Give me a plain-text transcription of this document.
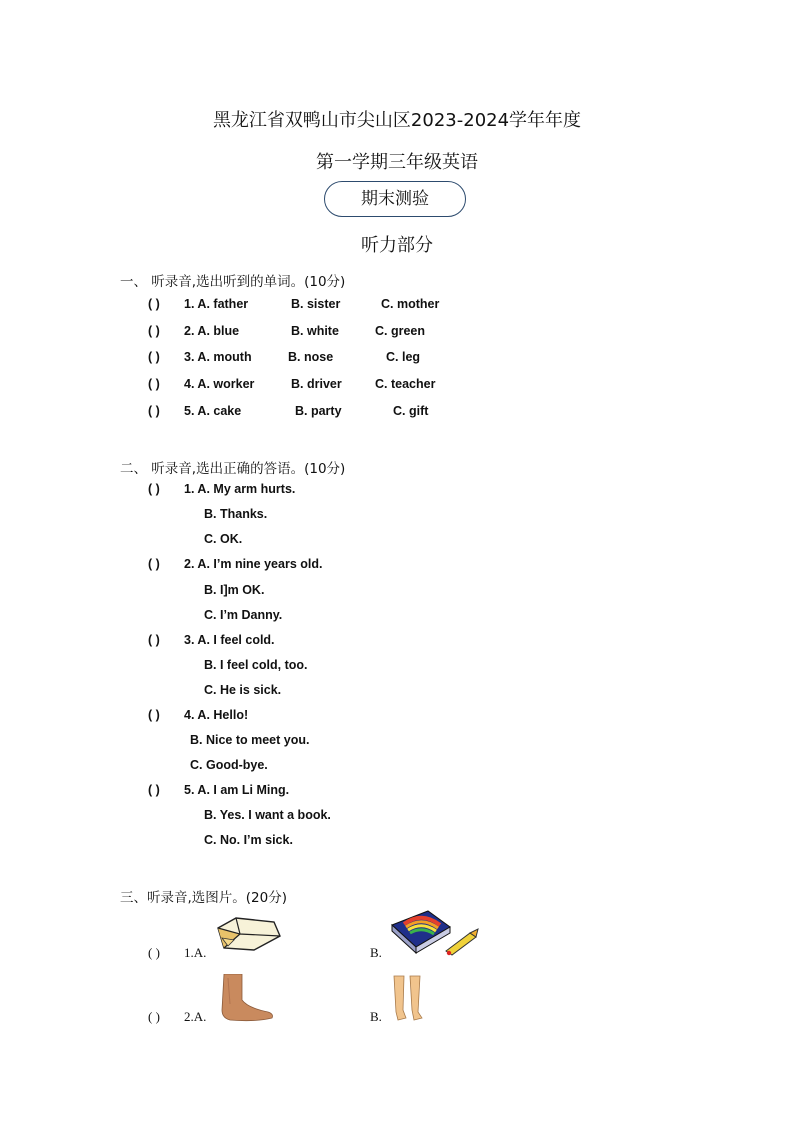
黑龙江省双鸭山市尖山区2023-2024学年年度
第一学期三年级英语
期末测验
听力部分
一、 听录音,选出听到的单词。(10分)
( ) 1. A. father	B. sister	C. mother
( ) 2. A. blue	B. white	C. green
( ) 3. A. mouth	B. nose	C. leg
( ) 4. A. worker	B. driver	C. teacher
( ) 5. A. cake	B. party	C. gift
二、 听录音,选出正确的答语。(10分)
( ) 1. A. My arm hurts.
B. Thanks.
C. OK.
( ) 2. A. I’m nine years old.
B. I]m OK.
C. I’m Danny.
( ) 3. A. I feel cold.
B. I feel cold, too.
C. He is sick.
( ) 4. A. Hello!
B. Nice to meet you.
C. Good-bye.
( ) 5. A. I am Li Ming.
B. Yes. I want a book.
C. No. I’m sick.
三、听录音,选图片。(20分)
( ) 1.A.	B.
( ) 2.A.	B.
